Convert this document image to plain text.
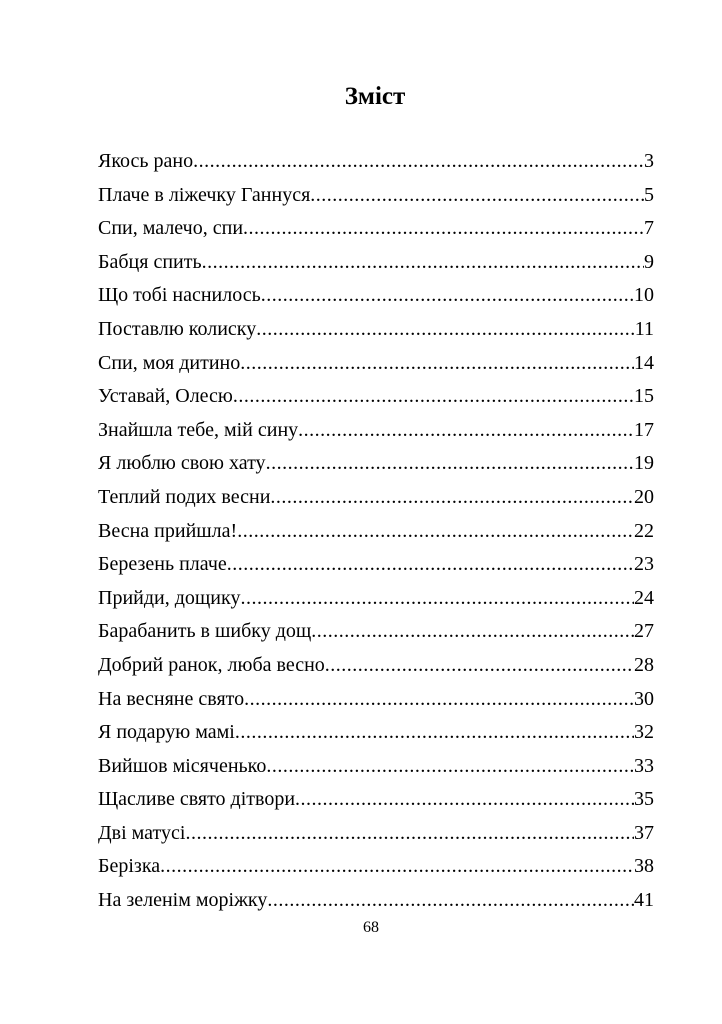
Зміст
Якось рано .....	3
Плаче в ліжечку Ганнуся .....	5
Спи, малечо, спи .....	7
Бабця спить .....	9
Що тобі наснилось .....	10
Поставлю колиску .....	11
Спи, моя дитино .....	14
Уставай, Олесю .....	15
Знайшла тебе, мій сину .....	17
Я люблю свою хату .....	19
Теплий подих весни .....	20
Весна прийшла! .....	22
Березень плаче .....	23
Прийди, дощику .....	24
Барабанить в шибку дощ .....	27
Добрий ранок, люба весно .....	28
На весняне свято .....	30
Я подарую мамі .....	32
Вийшов місяченько .....	33
Щасливе свято дітвори .....	35
Дві матусі .....	37
Берізка .....	38
На зеленім моріжку .....	41
68
